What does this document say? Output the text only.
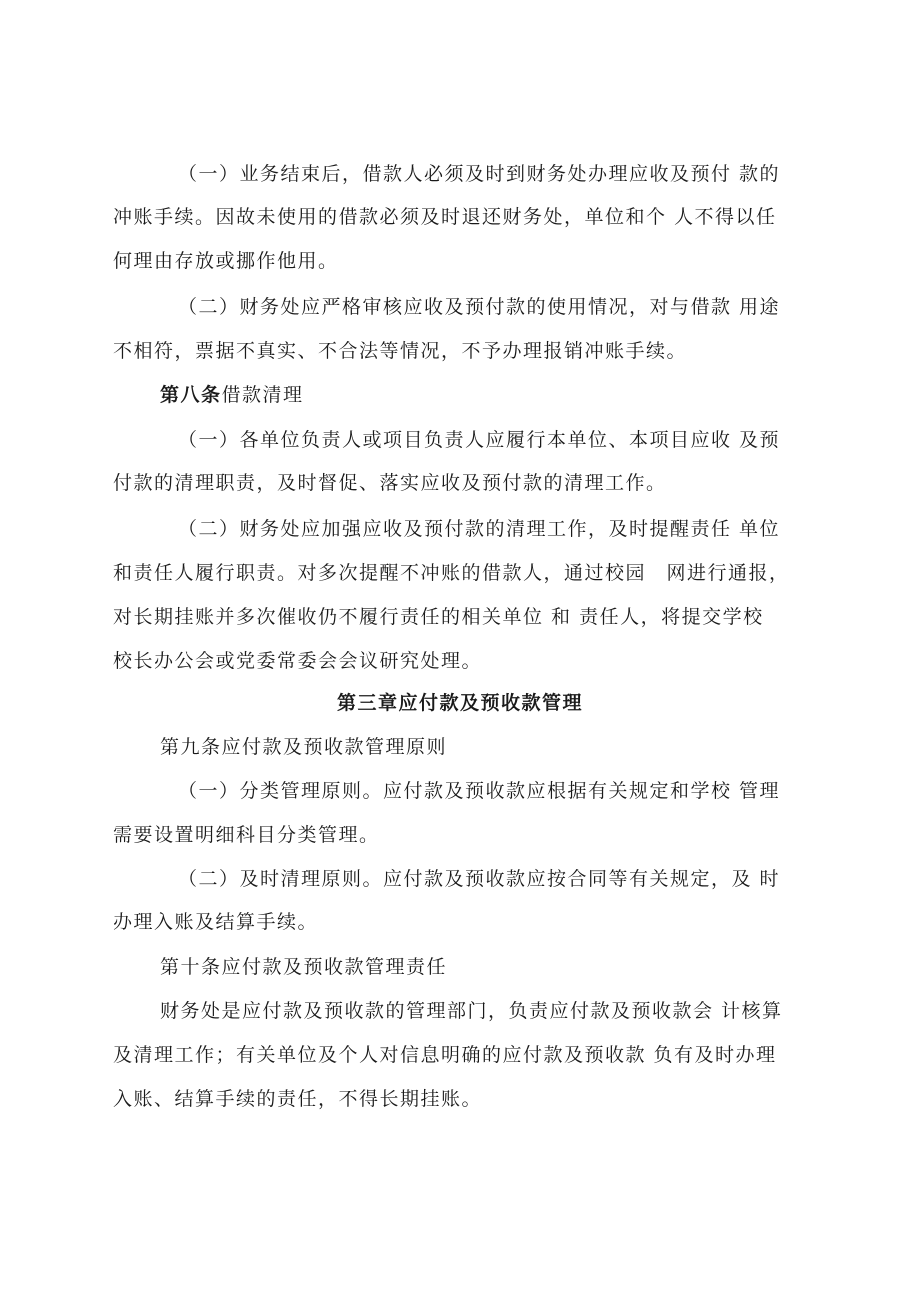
（一）业务结束后，借款人必须及时到财务处办理应收及预付 款的
冲账手续。因故未使用的借款必须及时退还财务处，单位和个 人不得以任
何理由存放或挪作他用。
（二）财务处应严格审核应收及预付款的使用情况，对与借款 用途
不相符，票据不真实、不合法等情况，不予办理报销冲账手续。
第八条借款清理
（一）各单位负责人或项目负责人应履行本单位、本项目应收 及预
付款的清理职责，及时督促、落实应收及预付款的清理工作。
（二）财务处应加强应收及预付款的清理工作，及时提醒责任 单位
和责任人履行职责。对多次提醒不冲账的借款人，通过校园　网进行通报，
对长期挂账并多次催收仍不履行责任的相关单位 和 责任人，将提交学校
校长办公会或党委常委会会议研究处理。
第三章应付款及预收款管理
第九条应付款及预收款管理原则
（一）分类管理原则。应付款及预收款应根据有关规定和学校 管理
需要设置明细科目分类管理。
（二）及时清理原则。应付款及预收款应按合同等有关规定，及 时
办理入账及结算手续。
第十条应付款及预收款管理责任
财务处是应付款及预收款的管理部门，负责应付款及预收款会 计核算
及清理工作；有关单位及个人对信息明确的应付款及预收款 负有及时办理
入账、结算手续的责任，不得长期挂账。
